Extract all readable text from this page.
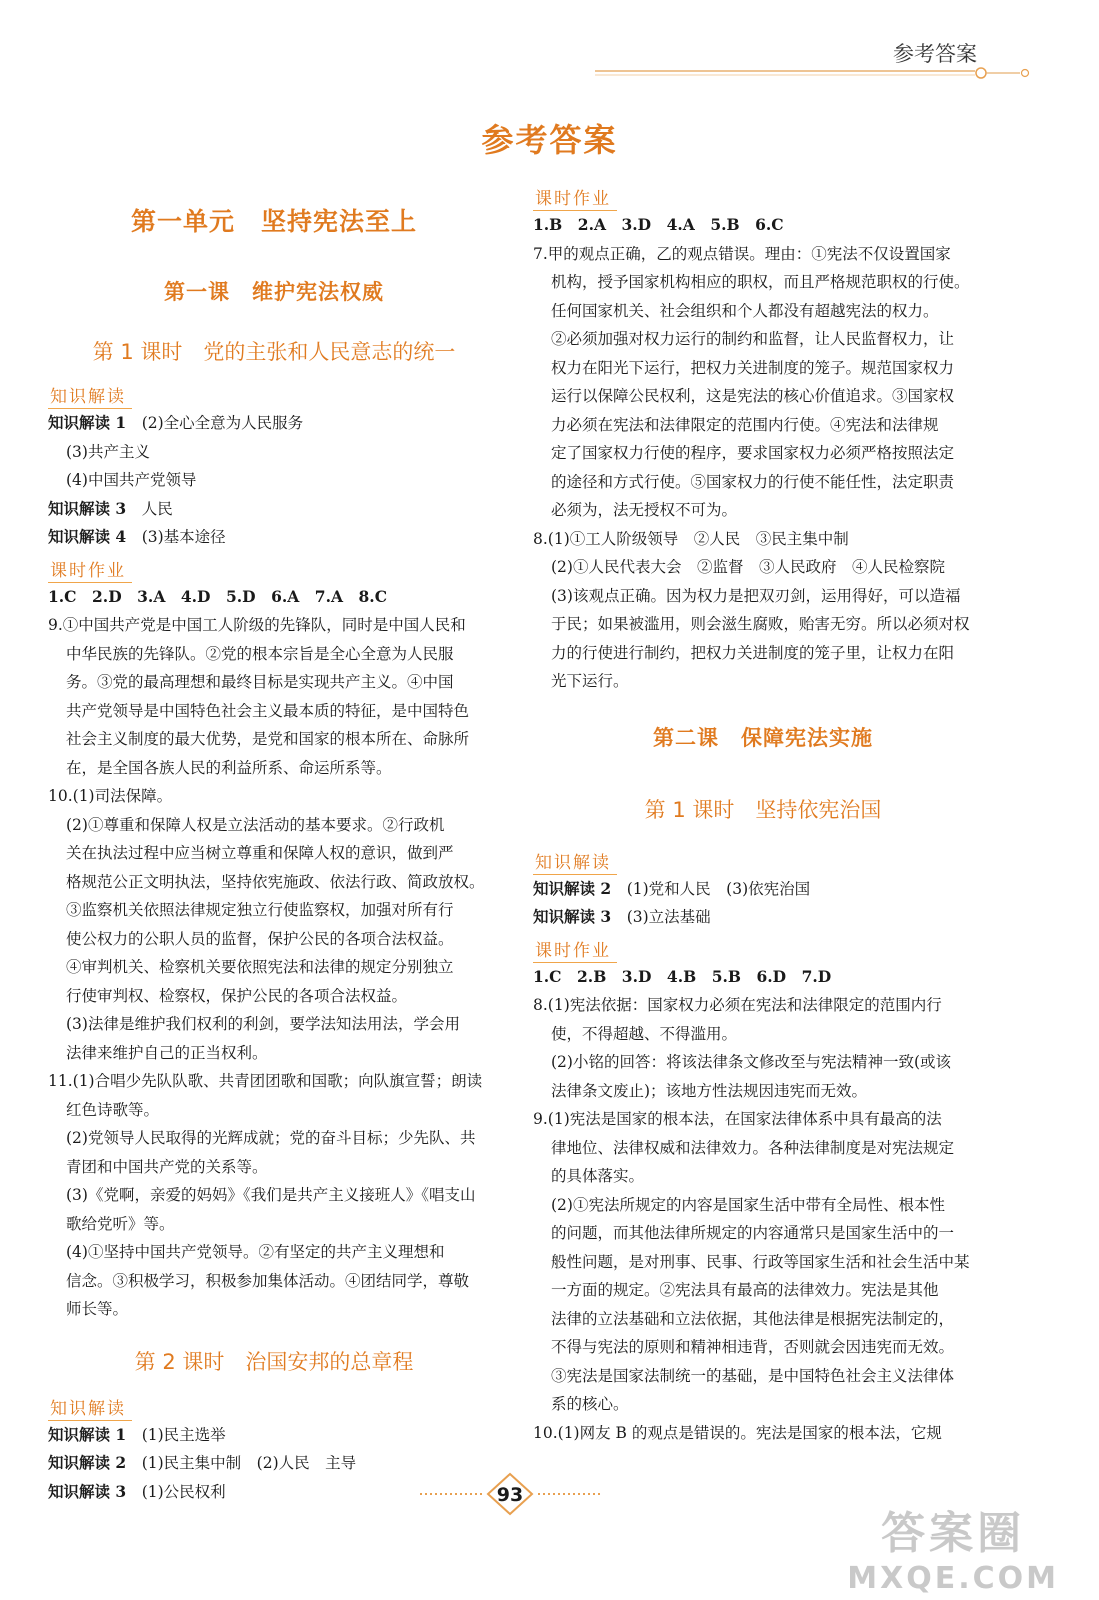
参考答案
参考答案
第一单元　坚持宪法至上
第一课　维护宪法权威
第 1 课时　党的主张和人民意志的统一
知识解读
知识解读 1　 (2)全心全意为人民服务
(3)共产主义
(4)中国共产党领导
知识解读 3　 人民
知识解读 4　 (3)基本途径
课时作业
1.C　2.D　3.A　4.D　5.D　6.A　7.A　8.C
9.①中国共产党是中国工人阶级的先锋队，同时是中国人民和
中华民族的先锋队。②党的根本宗旨是全心全意为人民服
务。③党的最高理想和最终目标是实现共产主义。④中国
共产党领导是中国特色社会主义最本质的特征，是中国特色
社会主义制度的最大优势，是党和国家的根本所在、命脉所
在，是全国各族人民的利益所系、命运所系等。
10.(1)司法保障。
(2)①尊重和保障人权是立法活动的基本要求。②行政机
关在执法过程中应当树立尊重和保障人权的意识，做到严
格规范公正文明执法，坚持依宪施政、依法行政、简政放权。
③监察机关依照法律规定独立行使监察权，加强对所有行
使公权力的公职人员的监督，保护公民的各项合法权益。
④审判机关、检察机关要依照宪法和法律的规定分别独立
行使审判权、检察权，保护公民的各项合法权益。
(3)法律是维护我们权利的利剑，要学法知法用法，学会用
法律来维护自己的正当权利。
11.(1)合唱少先队队歌、共青团团歌和国歌；向队旗宣誓；朗读
红色诗歌等。
(2)党领导人民取得的光辉成就；党的奋斗目标；少先队、共
青团和中国共产党的关系等。
(3)《党啊，亲爱的妈妈》《我们是共产主义接班人》《唱支山
歌给党听》等。
(4)①坚持中国共产党领导。②有坚定的共产主义理想和
信念。③积极学习，积极参加集体活动。④团结同学，尊敬
师长等。
第 2 课时　治国安邦的总章程
知识解读
知识解读 1　 (1)民主选举
知识解读 2　 (1)民主集中制　(2)人民　主导
知识解读 3　 (1)公民权利
课时作业
1.B　2.A　3.D　4.A　5.B　6.C
7.甲的观点正确，乙的观点错误。理由：①宪法不仅设置国家
机构，授予国家机构相应的职权，而且严格规范职权的行使。
任何国家机关、社会组织和个人都没有超越宪法的权力。
②必须加强对权力运行的制约和监督，让人民监督权力，让
权力在阳光下运行，把权力关进制度的笼子。规范国家权力
运行以保障公民权利，这是宪法的核心价值追求。③国家权
力必须在宪法和法律限定的范围内行使。④宪法和法律规
定了国家权力行使的程序，要求国家权力必须严格按照法定
的途径和方式行使。⑤国家权力的行使不能任性，法定职责
必须为，法无授权不可为。
8.(1)①工人阶级领导　②人民　③民主集中制
(2)①人民代表大会　②监督　③人民政府　④人民检察院
(3)该观点正确。因为权力是把双刃剑，运用得好，可以造福
于民；如果被滥用，则会滋生腐败，贻害无穷。所以必须对权
力的行使进行制约，把权力关进制度的笼子里，让权力在阳
光下运行。
第二课　保障宪法实施
第 1 课时　坚持依宪治国
知识解读
知识解读 2　 (1)党和人民　(3)依宪治国
知识解读 3　 (3)立法基础
课时作业
1.C　2.B　3.D　4.B　5.B　6.D　7.D
8.(1)宪法依据：国家权力必须在宪法和法律限定的范围内行
使，不得超越、不得滥用。
(2)小铭的回答：将该法律条文修改至与宪法精神一致(或该
法律条文废止)；该地方性法规因违宪而无效。
9.(1)宪法是国家的根本法，在国家法律体系中具有最高的法
律地位、法律权威和法律效力。各种法律制度是对宪法规定
的具体落实。
(2)①宪法所规定的内容是国家生活中带有全局性、根本性
的问题，而其他法律所规定的内容通常只是国家生活中的一
般性问题，是对刑事、民事、行政等国家生活和社会生活中某
一方面的规定。②宪法具有最高的法律效力。宪法是其他
法律的立法基础和立法依据，其他法律是根据宪法制定的，
不得与宪法的原则和精神相违背，否则就会因违宪而无效。
③宪法是国家法制统一的基础，是中国特色社会主义法律体
系的核心。
10.(1)网友 B 的观点是错误的。宪法是国家的根本法，它规
93
答案圈
MXQE.COM
